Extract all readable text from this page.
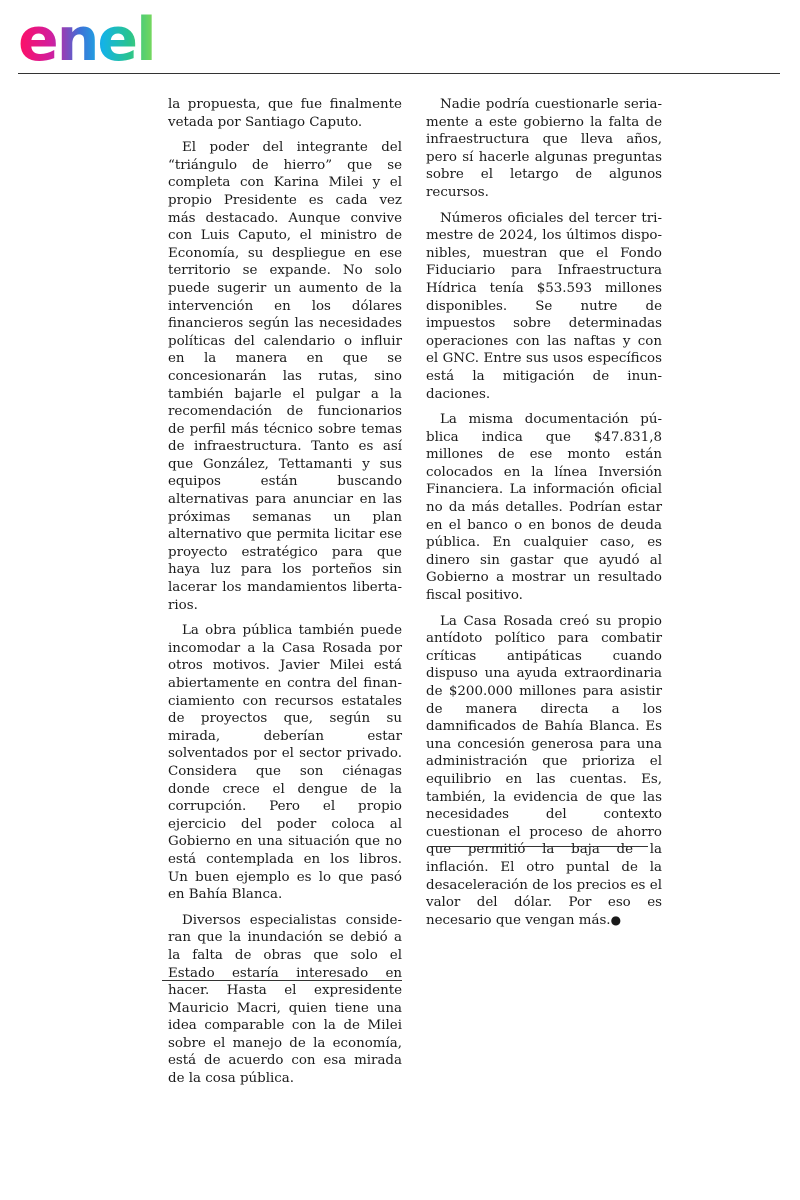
enel

la propuesta, que fue finalmente vetada por Santiago Caputo.

El poder del integrante del “triángulo de hierro” que se completa con Karina Milei y el propio Presidente es cada vez más destacado. Aunque convive con Luis Caputo, el ministro de Economía, su despliegue en ese territorio se expande. No solo puede sugerir un aumento de la intervención en los dólares financieros según las necesidades políticas del calendario o influir en la manera en que se concesionarán las rutas, sino también bajarle el pulgar a la recomendación de funcionarios de perfil más técnico sobre temas de infraestructura. Tanto es así que González, Tettamanti y sus equipos están buscando alternativas para anunciar en las próximas semanas un plan alternativo que permita licitar ese proyecto estratégico para que haya luz para los porteños sin lacerar los mandamientos libertarios.

La obra pública también puede incomodar a la Casa Rosada por otros motivos. Javier Milei está abiertamente en contra del financiamiento con recursos estatales de proyectos que, según su mirada, deberían estar solventados por el sector privado. Considera que son ciénagas donde crece el dengue de la corrupción. Pero el propio ejercicio del poder coloca al Gobierno en una situación que no está contemplada en los libros. Un buen ejemplo es lo que pasó en Bahía Blanca.

Diversos especialistas consideran que la inundación se debió a la falta de obras que solo el Estado estaría interesado en hacer. Hasta el expresidente Mauricio Macri, quien tiene una idea comparable con la de Milei sobre el manejo de la economía, está de acuerdo con esa mirada de la cosa pública.

Nadie podría cuestionarle seriamente a este gobierno la falta de infraestructura que lleva años, pero sí hacerle algunas preguntas sobre el letargo de algunos recursos.

Números oficiales del tercer trimestre de 2024, los últimos disponibles, muestran que el Fondo Fiduciario para Infraestructura Hídrica tenía $53.593 millones disponibles. Se nutre de impuestos sobre determinadas operaciones con las naftas y con el GNC. Entre sus usos específicos está la mitigación de inundaciones.

La misma documentación pública indica que $47.831,8 millones de ese monto están colocados en la línea Inversión Financiera. La información oficial no da más detalles. Podrían estar en el banco o en bonos de deuda pública. En cualquier caso, es dinero sin gastar que ayudó al Gobierno a mostrar un resultado fiscal positivo.

La Casa Rosada creó su propio antídoto político para combatir críticas antipáticas cuando dispuso una ayuda extraordinaria de $200.000 millones para asistir de manera directa a los damnificados de Bahía Blanca. Es una concesión generosa para una administración que prioriza el equilibrio en las cuentas. Es, también, la evidencia de que las necesidades del contexto cuestionan el proceso de ahorro que permitió la baja de la inflación. El otro puntal de la desaceleración de los precios es el valor del dólar. Por eso es necesario que vengan más.●
